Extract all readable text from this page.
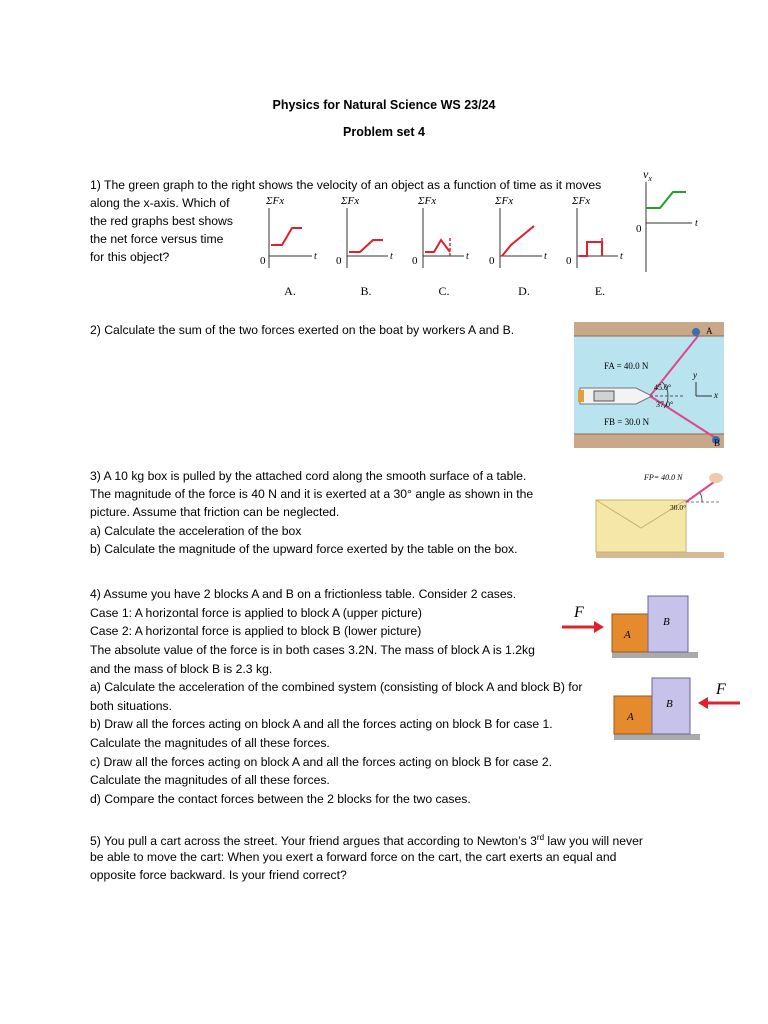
Physics for Natural Science WS 23/24
Problem set 4
1) The green graph to the right shows the velocity of an object as a function of time as it moves
along the x-axis. Which of
the red graphs best shows
the net force versus time
for this object?
ΣFx
0	t
ΣFx
0	t
ΣFx
0	t
ΣFx
0	t
ΣFx
0	t
A.	B.	C.	D.	E.
$v_x$
0	t
2) Calculate the sum of the two forces exerted on the boat by workers A and B.	A
B
FA = 40.0 N
FB = 30.0 N
45.0°
37.0°
y
x
3) A 10 kg box is pulled by the attached cord along the smooth surface of a table.
The magnitude of the force is 40 N and it is exerted at a 30° angle as shown in the
picture. Assume that friction can be neglected.
a) Calculate the acceleration of the box
b) Calculate the magnitude of the upward force exerted by the table on the box.
FP= 40.0 N
30.0°
4) Assume you have 2 blocks A and B on a frictionless table. Consider 2 cases.
Case 1: A horizontal force is applied to block A (upper picture)
Case 2: A horizontal force is applied to block B (lower picture)
The absolute value of the force is in both cases 3.2N. The mass of block A is 1.2kg
and the mass of block B is 2.3 kg.
a) Calculate the acceleration of the combined system (consisting of block A and block B) for
both situations.
b) Draw all the forces acting on block A and all the forces acting on block B for case 1.
Calculate the magnitudes of all these forces.
c) Draw all the forces acting on block A and all the forces acting on block B for case 2.
Calculate the magnitudes of all these forces.
d) Compare the contact forces between the 2 blocks for the two cases.
A
B
F
A
B
F
5) You pull a cart across the street. Your friend argues that according to Newton’s 3rd law you will never
be able to move the cart: When you exert a forward force on the cart, the cart exerts an equal and
opposite force backward. Is your friend correct?
